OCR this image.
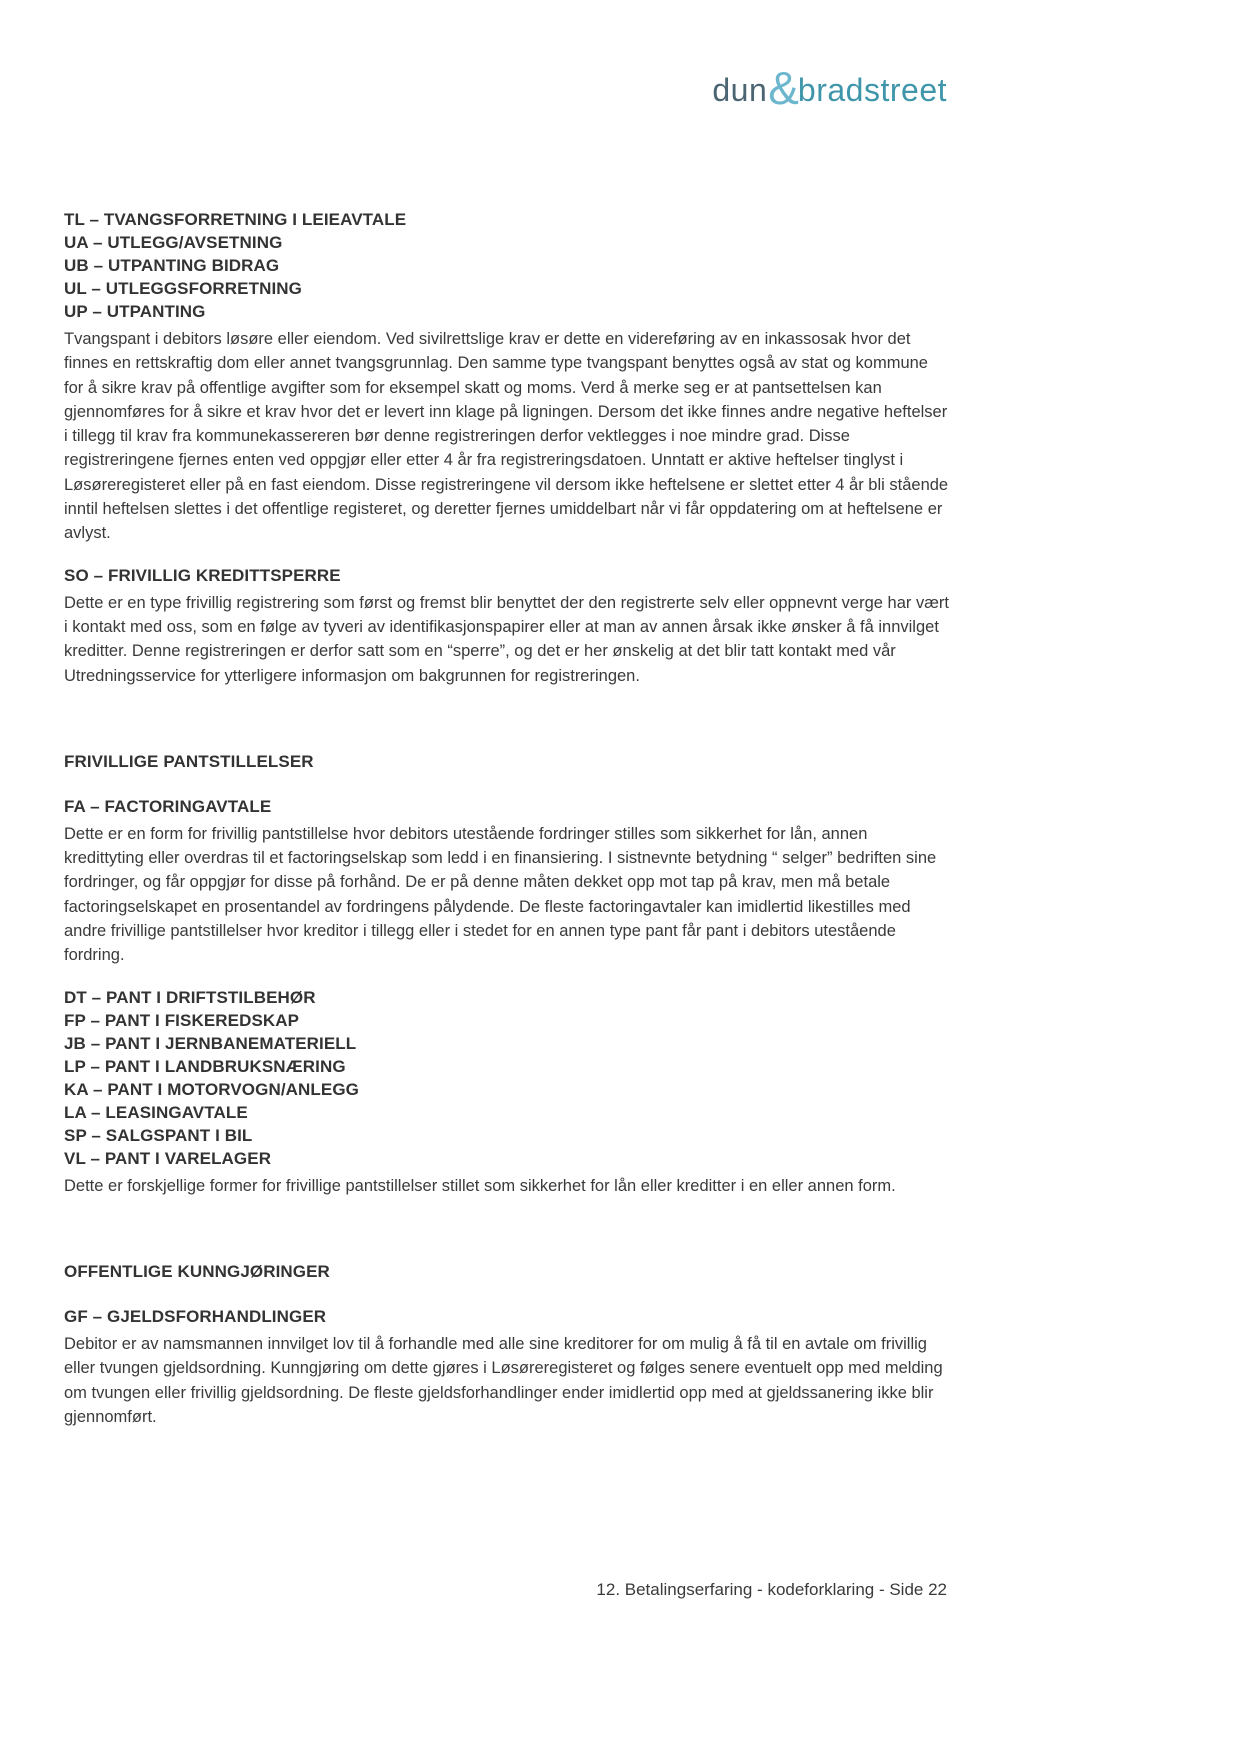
dun & bradstreet
TL – TVANGSFORRETNING I LEIEAVTALE
UA – UTLEGG/AVSETNING
UB – UTPANTING BIDRAG
UL – UTLEGGSFORRETNING
UP – UTPANTING

Tvangspant i debitors løsøre eller eiendom. Ved sivilrettslige krav er dette en videreføring av en inkassosak hvor det finnes en rettskraftig dom eller annet tvangsgrunnlag. Den samme type tvangspant benyttes også av stat og kommune for å sikre krav på offentlige avgifter som for eksempel skatt og moms. Verd å merke seg er at pantsettelsen kan gjennomføres for å sikre et krav hvor det er levert inn klage på ligningen. Dersom det ikke finnes andre negative heftelser i tillegg til krav fra kommunekassereren bør denne registreringen derfor vektlegges i noe mindre grad. Disse registreringene fjernes enten ved oppgjør eller etter 4 år fra registreringsdatoen. Unntatt er aktive heftelser tinglyst i Løsøreregisteret eller på en fast eiendom. Disse registreringene vil dersom ikke heftelsene er slettet etter 4 år bli stående inntil heftelsen slettes i det offentlige registeret, og deretter fjernes umiddelbart når vi får oppdatering om at heftelsene er avlyst.

SO – FRIVILLIG KREDITTSPERRE

Dette er en type frivillig registrering som først og fremst blir benyttet der den registrerte selv eller oppnevnt verge har vært i kontakt med oss, som en følge av tyveri av identifikasjonspapirer eller at man av annen årsak ikke ønsker å få innvilget kreditter. Denne registreringen er derfor satt som en “sperre”, og det er her ønskelig at det blir tatt kontakt med vår Utredningsservice for ytterligere informasjon om bakgrunnen for registreringen.

FRIVILLIGE PANTSTILLELSER
FA – FACTORINGAVTALE

Dette er en form for frivillig pantstillelse hvor debitors utestående fordringer stilles som sikkerhet for lån, annen kredittyting eller overdras til et factoringselskap som ledd i en finansiering. I sistnevnte betydning “ selger” bedriften sine fordringer, og får oppgjør for disse på forhånd. De er på denne måten dekket opp mot tap på krav, men må betale factoringselskapet en prosentandel av fordringens pålydende. De fleste factoringavtaler kan imidlertid likestilles med andre frivillige pantstillelser hvor kreditor i tillegg eller i stedet for en annen type pant får pant i debitors utestående fordring.

DT – PANT I DRIFTSTILBEHØR
FP – PANT I FISKEREDSKAP
JB – PANT I JERNBANEMATERIELL
LP – PANT I LANDBRUKSNÆRING
KA – PANT I MOTORVOGN/ANLEGG
LA – LEASINGAVTALE
SP – SALGSPANT I BIL
VL – PANT I VARELAGER

Dette er forskjellige former for frivillige pantstillelser stillet som sikkerhet for lån eller kreditter i en eller annen form.

OFFENTLIGE KUNNGJØRINGER
GF – GJELDSFORHANDLINGER

Debitor er av namsmannen innvilget lov til å forhandle med alle sine kreditorer for om mulig å få til en avtale om frivillig eller tvungen gjeldsordning. Kunngjøring om dette gjøres i Løsøreregisteret og følges senere eventuelt opp med melding om tvungen eller frivillig gjeldsordning. De fleste gjeldsforhandlinger ender imidlertid opp med at gjeldssanering ikke blir gjennomført.

12. Betalingserfaring - kodeforklaring - Side 22
